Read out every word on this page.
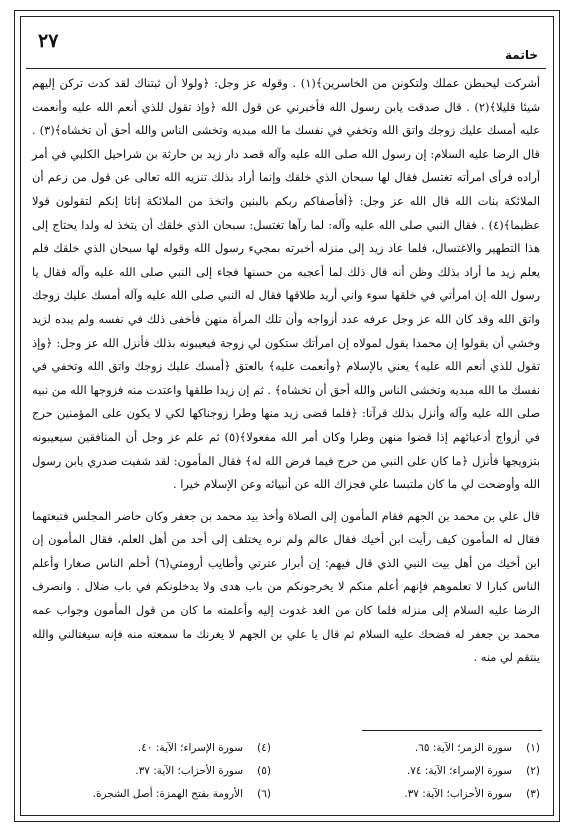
٢٧
خاتمة

أشركت ليحبطن عملك ولتكونن من الخاسرين﴾(١) . وقوله عز وجل: ﴿ولولا أن ثبتناك لقد كدت تركن إليهم شيئا قليلا﴾(٢) . قال صدقت يابن رسول الله فأخبرني عن قول الله ﴿وإذ تقول للذي أنعم الله عليه وأنعمت عليه أمسك عليك زوجك واتق الله وتخفي في نفسك ما الله مبديه وتخشى الناس والله أحق أن تخشاه﴾(٣) . قال الرضا عليه السلام: إن رسول الله صلى الله عليه وآله قصد دار زيد بن حارثة بن شراحيل الكلبي في أمر أراده فرأى امرأته تغتسل فقال لها سبحان الذي خلقك وإنما أراد بذلك تنزيه الله تعالى عن قول من زعم أن الملائكة بنات الله قال الله عز وجل: ﴿أفأصفاكم ربكم بالبنين واتخذ من الملائكة إناثا إنكم لتقولون قولا عظيما﴾(٤) . فقال النبي صلى الله عليه وآله: لما رآها تغتسل: سبحان الذي خلقك أن يتخذ له ولدا يحتاج إلى هذا التطهير والاغتسال، فلما عاد زيد إلى منزله أخبرته بمجيء رسول الله وقوله لها سبحان الذي خلقك فلم يعلم زيد ما أراد بذلك وظن أنه قال ذلك لما أعجبه من حسنها فجاء إلى النبي صلى الله عليه وآله فقال يا رسول الله إن امرأتي في خلقها سوء واني أريد طلاقها فقال له النبي صلى الله عليه وآله أمسك عليك زوجك واتق الله وقد كان الله عز وجل عرفه عدد أزواجه وأن تلك المرأة منهن فأخفى ذلك في نفسه ولم يبده لزيد وخشي أن يقولوا إن محمدا يقول لمولاه إن امرأتك ستكون لي زوجة فيعيبونه بذلك فأنزل الله عز وجل: ﴿وإذ تقول للذي أنعم الله عليه﴾ يعني بالإسلام ﴿وأنعمت عليه﴾ بالعتق ﴿أمسك عليك زوجك واتق الله وتخفي في نفسك ما الله مبديه وتخشى الناس والله أحق أن تخشاه﴾ . ثم إن زيدا طلقها واعتدت منه فزوجها الله من نبيه صلى الله عليه وآله وأنزل بذلك قرآنا: ﴿فلما قضى زيد منها وطرا زوجناكها لكي لا يكون على المؤمنين حرج في أزواج أدعيائهم إذا قضوا منهن وطرا وكان أمر الله مفعولا﴾(٥) ثم علم عز وجل أن المنافقين سيعيبونه بتزويجها فأنزل ﴿ما كان على النبي من حرج فيما فرض الله له﴾ فقال المأمون: لقد شفيت صدري يابن رسول الله وأوضحت لي ما كان ملتبسا علي فجزاك الله عن أنبيائه وعن الإسلام خيرا .

قال علي بن محمد بن الجهم فقام المأمون إلى الصلاة وأخذ بيد محمد بن جعفر وكان حاضر المجلس فتبعتهما فقال له المأمون كيف رأيت ابن أخيك فقال عالم ولم نره يختلف إلى أحد من أهل العلم، فقال المأمون إن ابن أخيك من أهل بيت النبي الذي قال فيهم: إن أبرار عترتي وأطايب أرومتي(٦) أحلم الناس صغارا وأعلم الناس كبارا لا تعلموهم فإنهم أعلم منكم لا يخرجونكم من باب هدى ولا يدخلونكم في باب ضلال . وانصرف الرضا عليه السلام إلى منزله فلما كان من الغد غدوت إليه وأعلمته ما كان من قول المأمون وجواب عمه محمد بن جعفر له فضحك عليه السلام ثم قال يا علي بن الجهم لا يغرنك ما سمعته منه فإنه سيغتالني والله ينتقم لي منه .

(١)
سورة الزمر؛ الآية: ٦٥.
(٤)
سورة الإسراء؛ الآية: ٤٠.
(٢)
سورة الإسراء؛ الآية: ٧٤.
(٥)
سورة الأحزاب؛ الآية: ٣٧.
(٣)
سورة الأحزاب؛ الآية: ٣٧.
(٦)
الأرومة بفتح الهمزة: أصل الشجرة.
